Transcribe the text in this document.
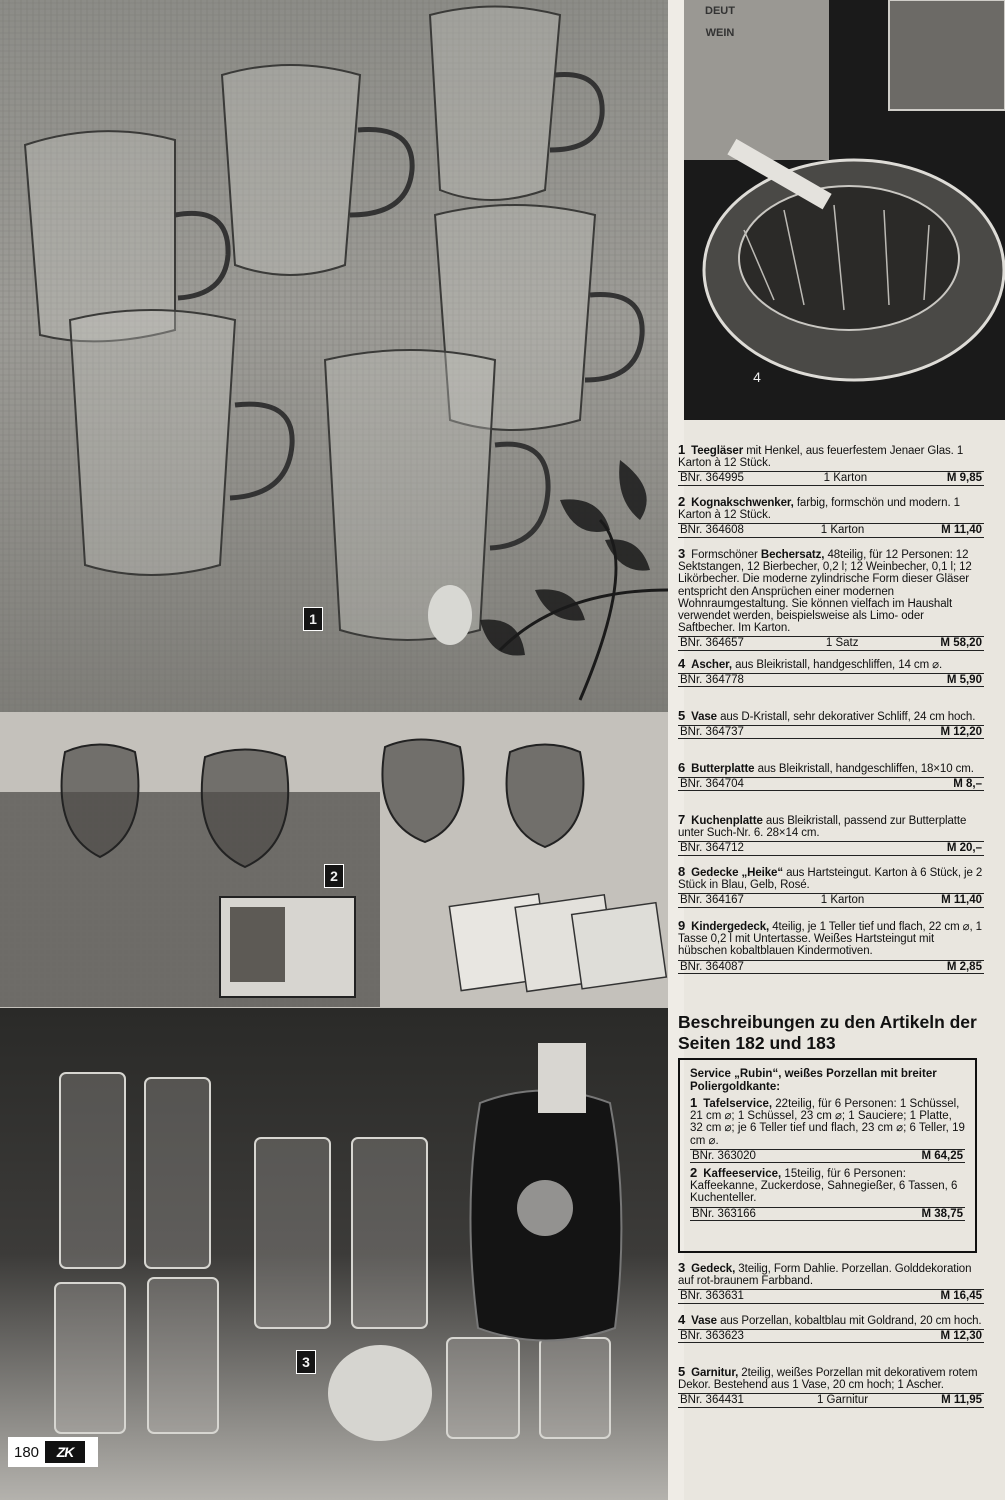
1
2
3
DEUT WEIN
4
1 Teegläser mit Henkel, aus feuerfestem Jenaer Glas. 1 Karton à 12 Stück.
BNr. 364995	1 Karton	M 9,85
2 Kognakschwenker, farbig, formschön und modern. 1 Karton à 12 Stück.
BNr. 364608	1 Karton	M 11,40
3 Formschöner Bechersatz, 48teilig, für 12 Personen: 12 Sektstangen, 12 Bierbecher, 0,2 l; 12 Weinbecher, 0,1 l; 12 Likörbecher. Die moderne zylindrische Form dieser Gläser entspricht den Ansprüchen einer modernen Wohnraumgestaltung. Sie können vielfach im Haushalt verwendet werden, beispielsweise als Limo- oder Saftbecher. Im Karton.
BNr. 364657	1 Satz	M 58,20
4 Ascher, aus Bleikristall, handgeschliffen, 14 cm ⌀.
BNr. 364778	M 5,90
5 Vase aus D-Kristall, sehr dekorativer Schliff, 24 cm hoch.
BNr. 364737	M 12,20
6 Butterplatte aus Bleikristall, handgeschliffen, 18×10 cm.
BNr. 364704	M 8,–
7 Kuchenplatte aus Bleikristall, passend zur Butterplatte unter Such-Nr. 6. 28×14 cm.
BNr. 364712	M 20,–
8 Gedecke „Heike“ aus Hartsteingut. Karton à 6 Stück, je 2 Stück in Blau, Gelb, Rosé.
BNr. 364167	1 Karton	M 11,40
9 Kindergedeck, 4teilig, je 1 Teller tief und flach, 22 cm ⌀, 1 Tasse 0,2 l mit Untertasse. Weißes Hartsteingut mit hübschen kobaltblauen Kindermotiven.
BNr. 364087	M 2,85
Beschreibungen zu den Artikeln der Seiten 182 und 183
Service „Rubin“, weißes Porzellan mit breiter Poliergoldkante:
1 Tafelservice, 22teilig, für 6 Personen: 1 Schüssel, 21 cm ⌀; 1 Schüssel, 23 cm ⌀; 1 Sauciere; 1 Platte, 32 cm ⌀; je 6 Teller tief und flach, 23 cm ⌀; 6 Teller, 19 cm ⌀.
BNr. 363020	M 64,25
2 Kaffeeservice, 15teilig, für 6 Personen: Kaffeekanne, Zuckerdose, Sahnegießer, 6 Tassen, 6 Kuchenteller.
BNr. 363166	M 38,75
3 Gedeck, 3teilig, Form Dahlie. Porzellan. Golddekoration auf rot-braunem Farbband.
BNr. 363631	M 16,45
4 Vase aus Porzellan, kobaltblau mit Goldrand, 20 cm hoch.
BNr. 363623	M 12,30
5 Garnitur, 2teilig, weißes Porzellan mit dekorativem rotem Dekor. Bestehend aus 1 Vase, 20 cm hoch; 1 Ascher.
BNr. 364431	1 Garnitur	M 11,95
180	ZK
